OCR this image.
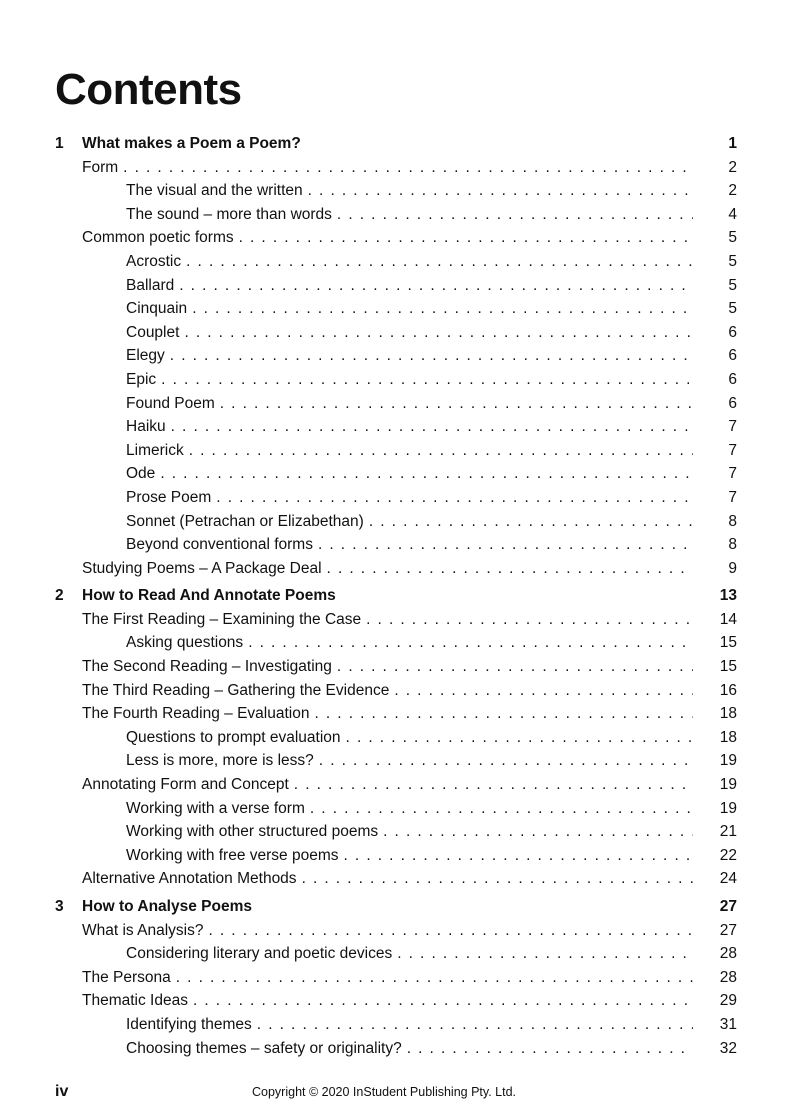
Contents
1 What makes a Poem a Poem?	1
Form . . .	2
The visual and the written . . .	2
The sound – more than words . . .	4
Common poetic forms . . .	5
Acrostic . . .	5
Ballard . . .	5
Cinquain . . .	5
Couplet . . .	6
Elegy . . .	6
Epic . . .	6
Found Poem . . .	6
Haiku . . .	7
Limerick . . .	7
Ode . . .	7
Prose Poem . . .	7
Sonnet (Petrachan or Elizabethan) . . .	8
Beyond conventional forms . . .	8
Studying Poems – A Package Deal . . .	9
2 How to Read And Annotate Poems	13
The First Reading – Examining the Case . . .	14
Asking questions . . .	15
The Second Reading – Investigating . . .	15
The Third Reading – Gathering the Evidence . . .	16
The Fourth Reading – Evaluation . . .	18
Questions to prompt evaluation . . .	18
Less is more, more is less? . . .	19
Annotating Form and Concept . . .	19
Working with a verse form . . .	19
Working with other structured poems . . .	21
Working with free verse poems . . .	22
Alternative Annotation Methods . . .	24
3 How to Analyse Poems	27
What is Analysis? . . .	27
Considering literary and poetic devices . . .	28
The Persona . . .	28
Thematic Ideas . . .	29
Identifying themes . . .	31
Choosing themes – safety or originality? . . .	32
iv	Copyright © 2020 InStudent Publishing Pty. Ltd.
